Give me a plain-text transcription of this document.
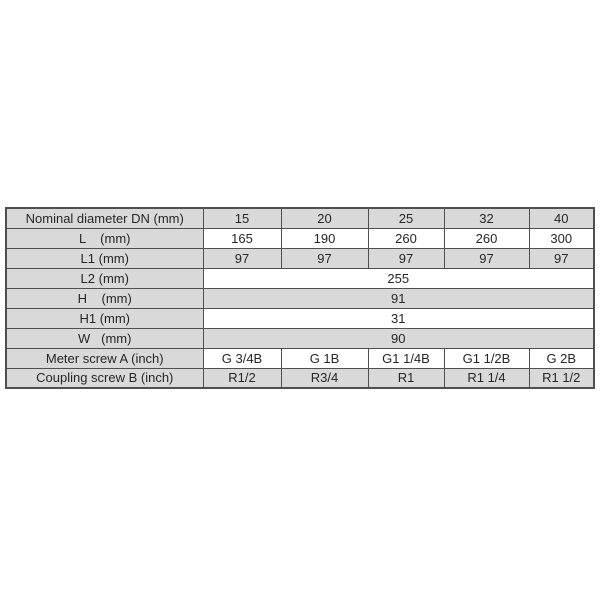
Nominal diameter DN (mm)	15	20	25	32	40
L    (mm)	165	190	260	260	300
L1 (mm)	97	97	97	97	97
L2 (mm)	255				
H    (mm)	91				
H1 (mm)	31				
W   (mm)	90				
Meter screw A (inch)	G 3/4B	G 1B	G1 1/4B	G1 1/2B	G 2B
Coupling screw B (inch)	R1/2	R3/4	R1	R1 1/4	R1 1/2
